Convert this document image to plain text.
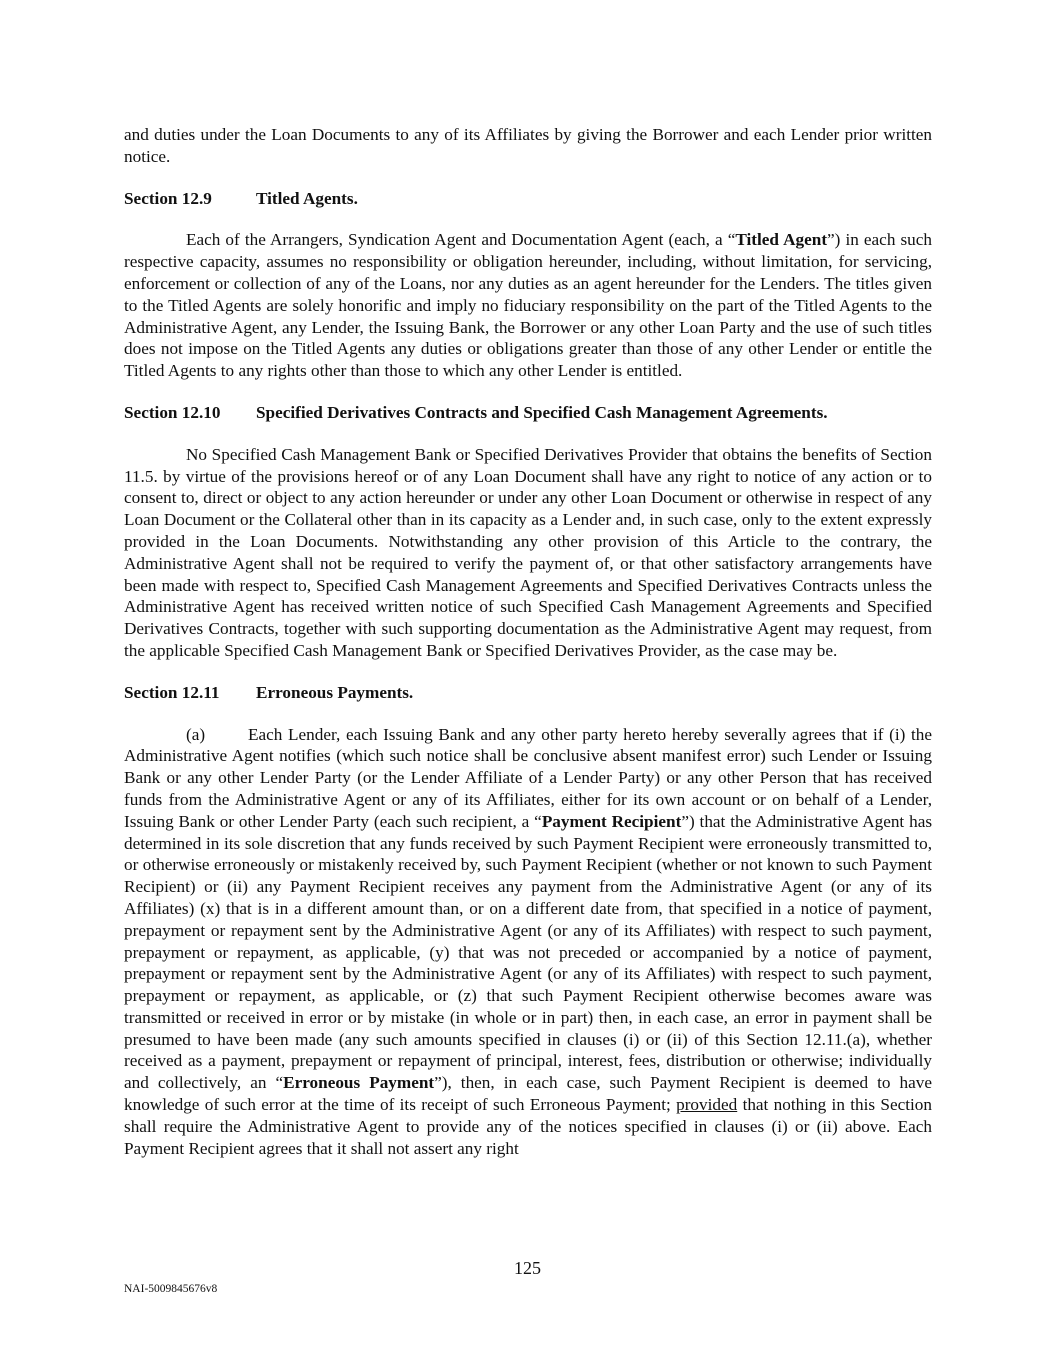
and duties under the Loan Documents to any of its Affiliates by giving the Borrower and each Lender prior written notice.

Section 12.9	Titled Agents.

Each of the Arrangers, Syndication Agent and Documentation Agent (each, a “Titled Agent”) in each such respective capacity, assumes no responsibility or obligation hereunder, including, without limitation, for servicing, enforcement or collection of any of the Loans, nor any duties as an agent hereunder for the Lenders. The titles given to the Titled Agents are solely honorific and imply no fiduciary responsibility on the part of the Titled Agents to the Administrative Agent, any Lender, the Issuing Bank, the Borrower or any other Loan Party and the use of such titles does not impose on the Titled Agents any duties or obligations greater than those of any other Lender or entitle the Titled Agents to any rights other than those to which any other Lender is entitled.

Section 12.10 Specified Derivatives Contracts and Specified Cash Management Agreements.

No Specified Cash Management Bank or Specified Derivatives Provider that obtains the benefits of Section 11.5. by virtue of the provisions hereof or of any Loan Document shall have any right to notice of any action or to consent to, direct or object to any action hereunder or under any other Loan Document or otherwise in respect of any Loan Document or the Collateral other than in its capacity as a Lender and, in such case, only to the extent expressly provided in the Loan Documents. Notwithstanding any other provision of this Article to the contrary, the Administrative Agent shall not be required to verify the payment of, or that other satisfactory arrangements have been made with respect to, Specified Cash Management Agreements and Specified Derivatives Contracts unless the Administrative Agent has received written notice of such Specified Cash Management Agreements and Specified Derivatives Contracts, together with such supporting documentation as the Administrative Agent may request, from the applicable Specified Cash Management Bank or Specified Derivatives Provider, as the case may be.

Section 12.11 Erroneous Payments.

(a) Each Lender, each Issuing Bank and any other party hereto hereby severally agrees that if (i) the Administrative Agent notifies (which such notice shall be conclusive absent manifest error) such Lender or Issuing Bank or any other Lender Party (or the Lender Affiliate of a Lender Party) or any other Person that has received funds from the Administrative Agent or any of its Affiliates, either for its own account or on behalf of a Lender, Issuing Bank or other Lender Party (each such recipient, a “Payment Recipient”) that the Administrative Agent has determined in its sole discretion that any funds received by such Payment Recipient were erroneously transmitted to, or otherwise erroneously or mistakenly received by, such Payment Recipient (whether or not known to such Payment Recipient) or (ii) any Payment Recipient receives any payment from the Administrative Agent (or any of its Affiliates) (x) that is in a different amount than, or on a different date from, that specified in a notice of payment, prepayment or repayment sent by the Administrative Agent (or any of its Affiliates) with respect to such payment, prepayment or repayment, as applicable, (y) that was not preceded or accompanied by a notice of payment, prepayment or repayment sent by the Administrative Agent (or any of its Affiliates) with respect to such payment, prepayment or repayment, as applicable, or (z) that such Payment Recipient otherwise becomes aware was transmitted or received in error or by mistake (in whole or in part) then, in each case, an error in payment shall be presumed to have been made (any such amounts specified in clauses (i) or (ii) of this Section 12.11.(a), whether received as a payment, prepayment or repayment of principal, interest, fees, distribution or otherwise; individually and collectively, an “Erroneous Payment”), then, in each case, such Payment Recipient is deemed to have knowledge of such error at the time of its receipt of such Erroneous Payment; provided that nothing in this Section shall require the Administrative Agent to provide any of the notices specified in clauses (i) or (ii) above. Each Payment Recipient agrees that it shall not assert any right

125
NAI-5009845676v8
